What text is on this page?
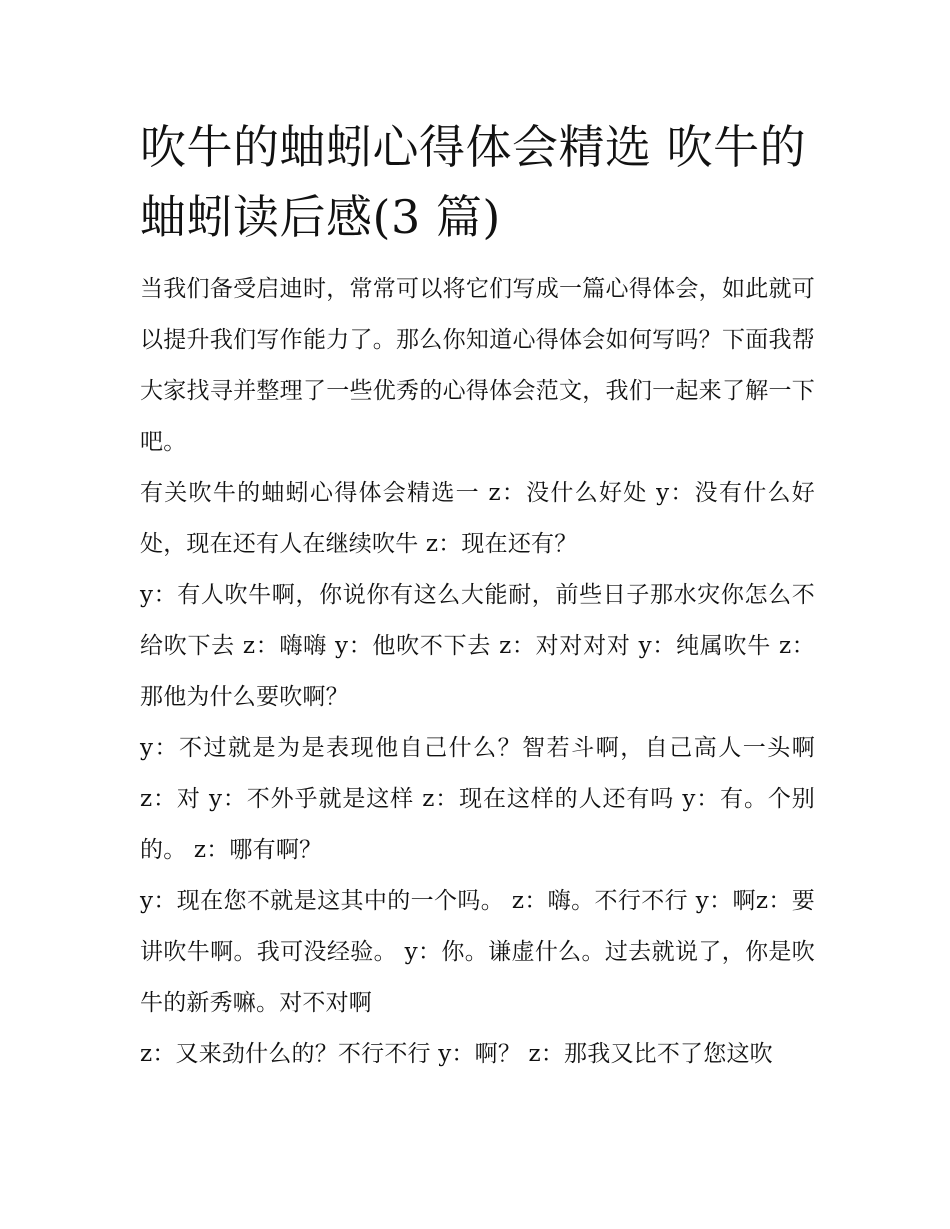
吹牛的蚰蚓心得体会精选 吹牛的蚰蚓读后感(3 篇)

当我们备受启迪时，常常可以将它们写成一篇心得体会，如此就可以提升我们写作能力了。那么你知道心得体会如何写吗？下面我帮大家找寻并整理了一些优秀的心得体会范文，我们一起来了解一下吧。

有关吹牛的蚰蚓心得体会精选一 z：没什么好处 y：没有什么好处，现在还有人在继续吹牛 z：现在还有？

y：有人吹牛啊，你说你有这么大能耐，前些日子那水灾你怎么不给吹下去 z：嗨嗨 y：他吹不下去 z：对对对对 y：纯属吹牛 z：那他为什么要吹啊？

y：不过就是为是表现他自己什么？智若斗啊，自己高人一头啊 z：对 y：不外乎就是这样 z：现在这样的人还有吗 y：有。个别的。 z：哪有啊？

y：现在您不就是这其中的一个吗。 z：嗨。不行不行 y：啊z：要讲吹牛啊。我可没经验。 y：你。谦虚什么。过去就说了，你是吹牛的新秀嘛。对不对啊

z：又来劲什么的？不行不行 y：啊？ z：那我又比不了您这吹
